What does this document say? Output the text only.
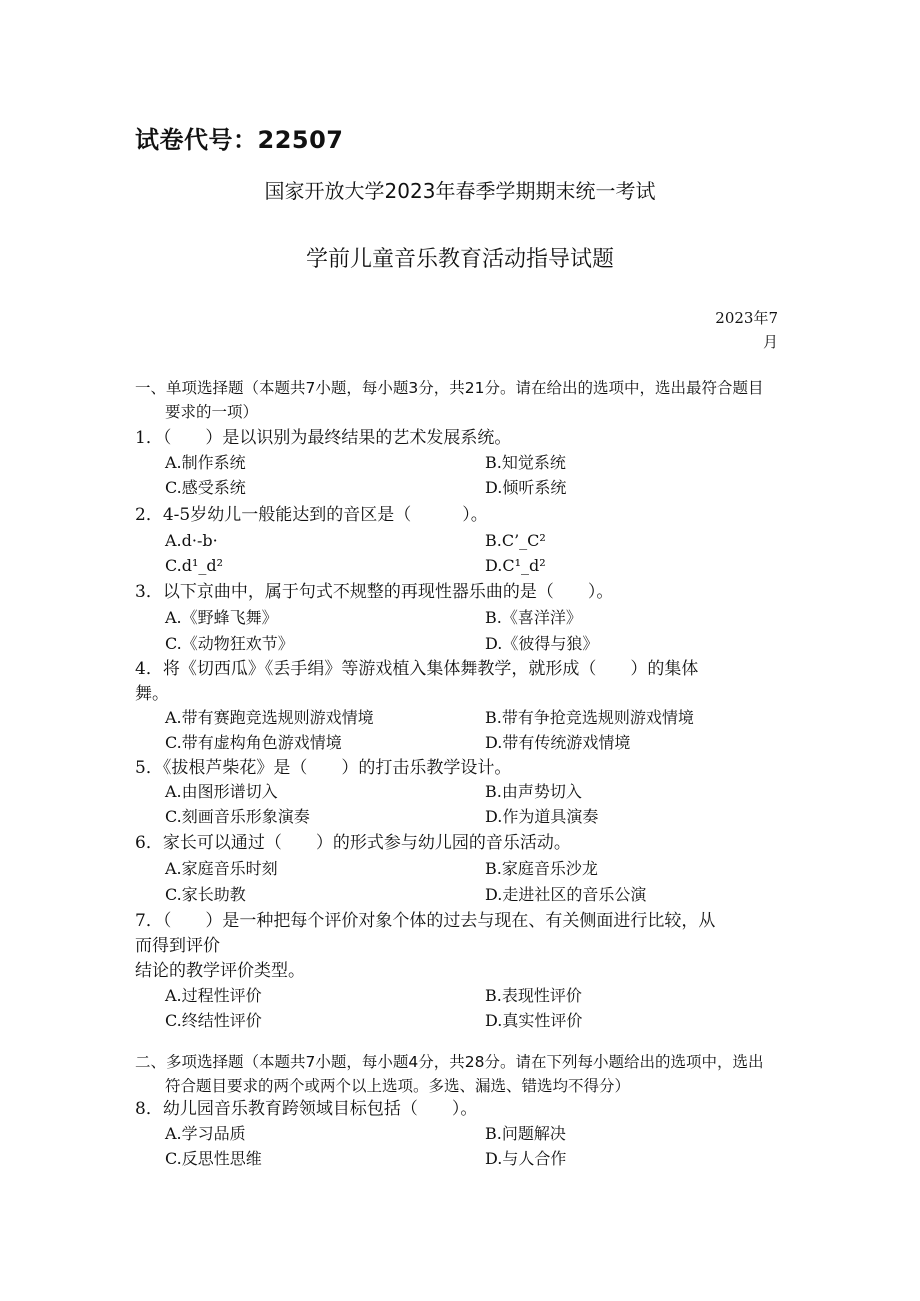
试卷代号：22507
国家开放大学2023年春季学期期末统一考试
学前儿童音乐教育活动指导试题
2023年7
月
一、单项选择题（本题共7小题，每小题3分，共21分。请在给出的选项中，选出最符合题目
要求的一项）
1．（　　）是以识别为最终结果的艺术发展系统。
A.制作系统	B.知觉系统
C.感受系统	D.倾听系统
2．4-5岁幼儿一般能达到的音区是（　　　）。
A.d·-b·	B.C’_C²
C.d¹_d²	D.C¹_d²
3．以下京曲中，属于句式不规整的再现性器乐曲的是（　　）。
A.《野蜂飞舞》	B.《喜洋洋》
C.《动物狂欢节》	D.《彼得与狼》
4．将《切西瓜》《丢手绢》等游戏植入集体舞教学，就形成（　　）的集体
舞。
A.带有赛跑竞选规则游戏情境	B.带有争抢竞选规则游戏情境
C.带有虚构角色游戏情境	D.带有传统游戏情境
5．《拔根芦柴花》是（　　）的打击乐教学设计。
A.由图形谱切入	B.由声势切入
C.刻画音乐形象演奏	D.作为道具演奏
6．家长可以通过（　　）的形式参与幼儿园的音乐活动。
A.家庭音乐时刻	B.家庭音乐沙龙
C.家长助教	D.走进社区的音乐公演
7．（　　）是一种把每个评价对象个体的过去与现在、有关侧面进行比较，从
而得到评价
结论的教学评价类型。
A.过程性评价	B.表现性评价
C.终结性评价	D.真实性评价
二、多项选择题（本题共7小题，每小题4分，共28分。请在下列每小题给出的选项中，选出
符合题目要求的两个或两个以上选项。多选、漏选、错选均不得分）
8．幼儿园音乐教育跨领域目标包括（　　）。
A.学习品质	B.问题解决
C.反思性思维	D.与人合作
